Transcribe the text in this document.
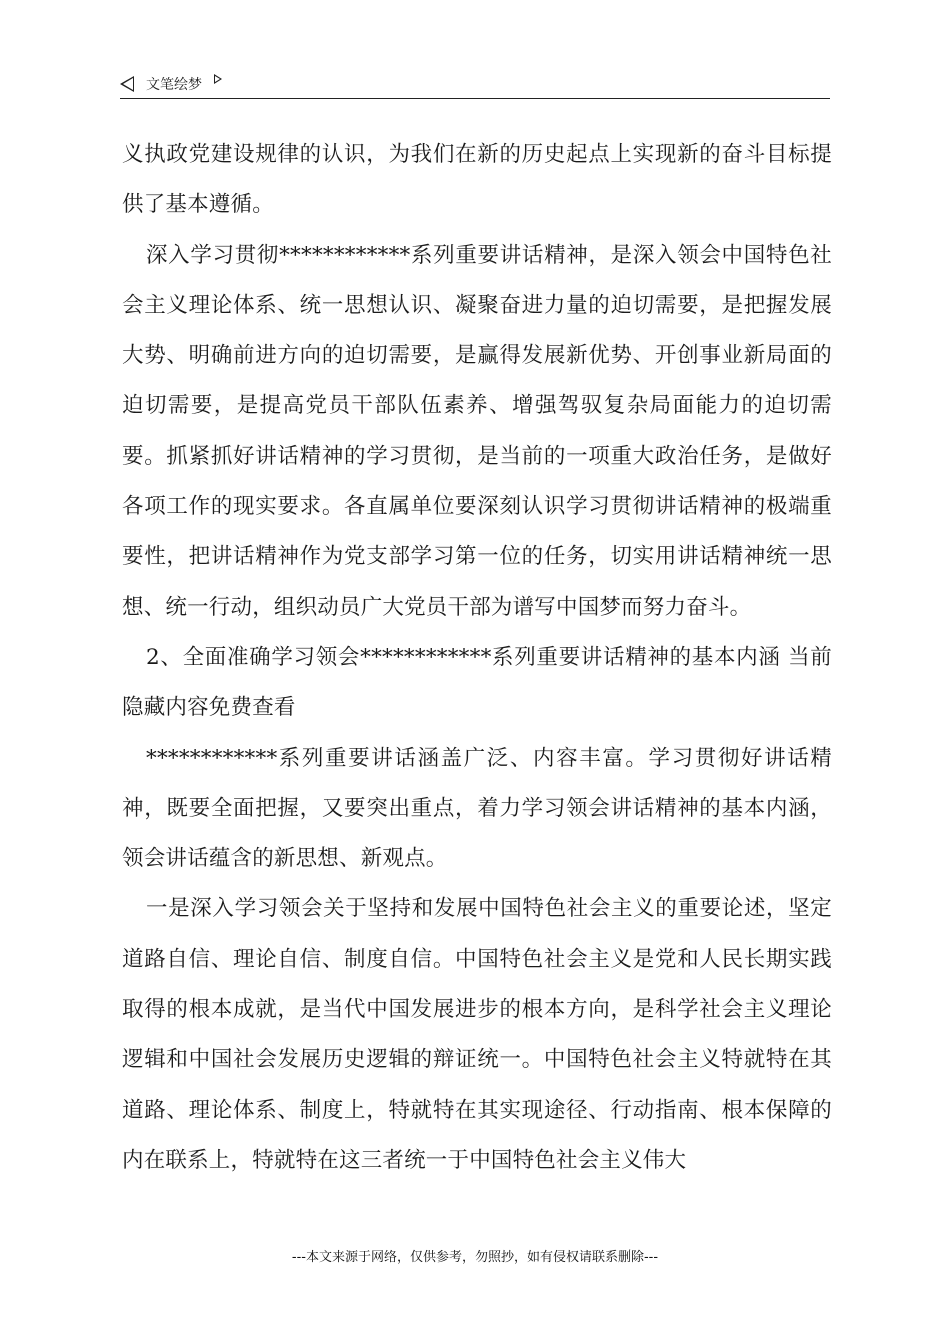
文笔绘梦

义执政党建设规律的认识，为我们在新的历史起点上实现新的奋斗目标提供了基本遵循。

深入学习贯彻************系列重要讲话精神，是深入领会中国特色社会主义理论体系、统一思想认识、凝聚奋进力量的迫切需要，是把握发展大势、明确前进方向的迫切需要，是赢得发展新优势、开创事业新局面的迫切需要，是提高党员干部队伍素养、增强驾驭复杂局面能力的迫切需要。抓紧抓好讲话精神的学习贯彻，是当前的一项重大政治任务，是做好各项工作的现实要求。各直属单位要深刻认识学习贯彻讲话精神的极端重要性，把讲话精神作为党支部学习第一位的任务，切实用讲话精神统一思想、统一行动，组织动员广大党员干部为谱写中国梦而努力奋斗。

2、全面准确学习领会************系列重要讲话精神的基本内涵 当前隐藏内容免费查看

************系列重要讲话涵盖广泛、内容丰富。学习贯彻好讲话精神，既要全面把握，又要突出重点，着力学习领会讲话精神的基本内涵，领会讲话蕴含的新思想、新观点。

一是深入学习领会关于坚持和发展中国特色社会主义的重要论述，坚定道路自信、理论自信、制度自信。中国特色社会主义是党和人民长期实践取得的根本成就，是当代中国发展进步的根本方向，是科学社会主义理论逻辑和中国社会发展历史逻辑的辩证统一。中国特色社会主义特就特在其道路、理论体系、制度上，特就特在其实现途径、行动指南、根本保障的内在联系上，特就特在这三者统一于中国特色社会主义伟大

---本文来源于网络，仅供参考，勿照抄，如有侵权请联系删除---
